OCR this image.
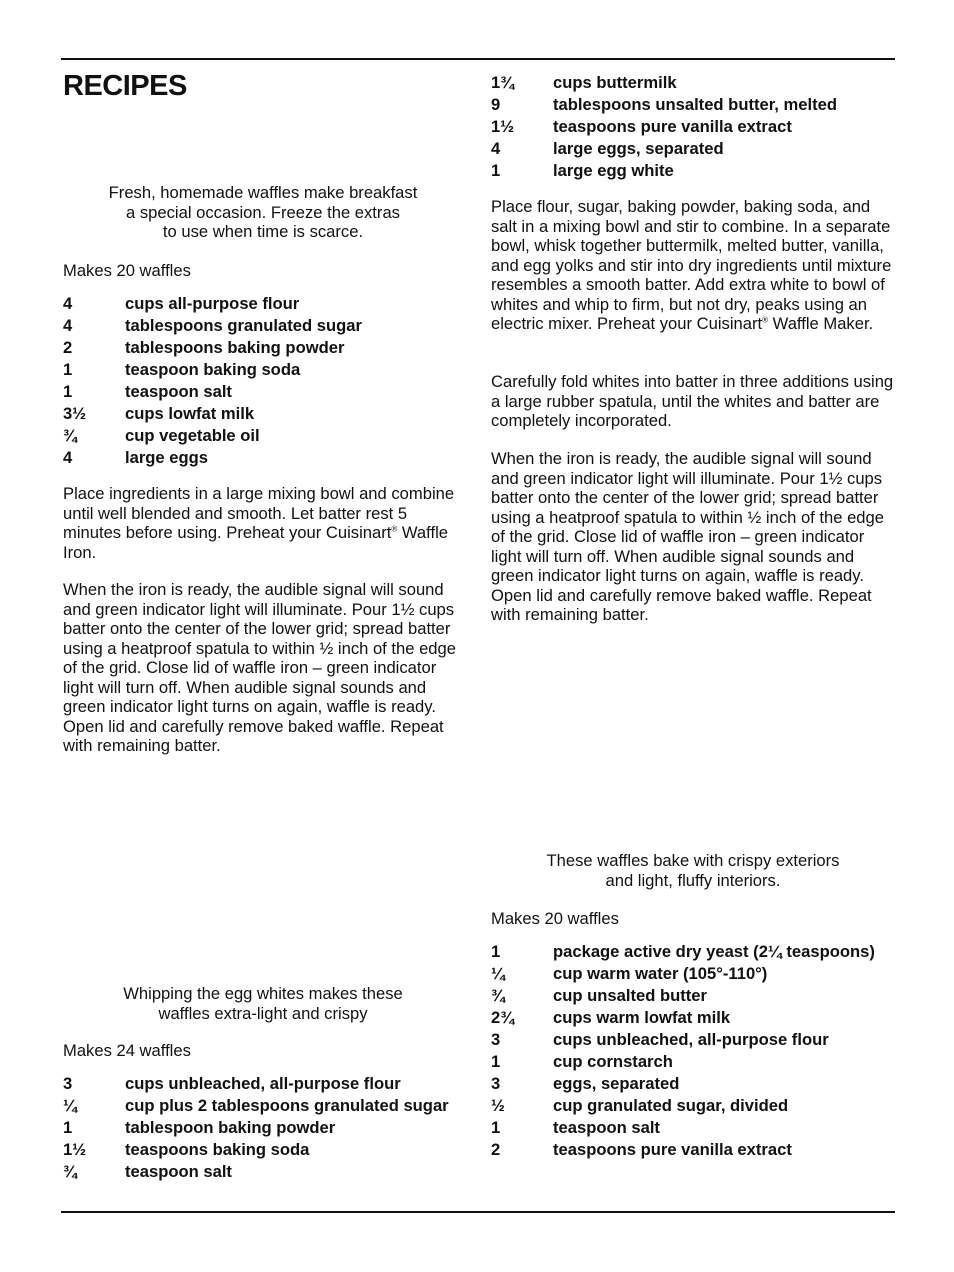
RECIPES
Fresh, homemade waffles make breakfast
a special occasion. Freeze the extras
to use when time is scarce.
Makes 20 waffles
4	cups all-purpose flour
4	tablespoons granulated sugar
2	tablespoons baking powder
1	teaspoon baking soda
1	teaspoon salt
3½	cups lowfat milk
¾	cup vegetable oil
4	large eggs

Place ingredients in a large mixing bowl and combine until well blended and smooth. Let batter rest 5 minutes before using. Preheat your Cuisinart® Waffle Iron.

When the iron is ready, the audible signal will sound and green indicator light will illuminate. Pour 1½ cups batter onto the center of the lower grid; spread batter using a heatproof spatula to within ½ inch of the edge of the grid. Close lid of waffle iron – green indicator light will turn off. When audible signal sounds and green indicator light turns on again, waffle is ready. Open lid and carefully remove baked waffle. Repeat with remaining batter.

Whipping the egg whites makes these
waffles extra-light and crispy
Makes 24 waffles
3	cups unbleached, all-purpose flour
¼	cup plus 2 tablespoons granulated sugar
1	tablespoon baking powder
1½	teaspoons baking soda
¾	teaspoon salt
1¾	cups buttermilk
9	tablespoons unsalted butter, melted
1½	teaspoons pure vanilla extract
4	large eggs, separated
1	large egg white

Place flour, sugar, baking powder, baking soda, and salt in a mixing bowl and stir to combine. In a separate bowl, whisk together buttermilk, melted butter, vanilla, and egg yolks and stir into dry ingredients until mixture resembles a smooth batter. Add extra white to bowl of whites and whip to firm, but not dry, peaks using an electric mixer. Preheat your Cuisinart® Waffle Maker.

Carefully fold whites into batter in three additions using a large rubber spatula, until the whites and batter are completely incorporated.

When the iron is ready, the audible signal will sound and green indicator light will illuminate. Pour 1½ cups batter onto the center of the lower grid; spread batter using a heatproof spatula to within ½ inch of the edge of the grid. Close lid of waffle iron – green indicator light will turn off. When audible signal sounds and green indicator light turns on again, waffle is ready. Open lid and carefully remove baked waffle. Repeat with remaining batter.

These waffles bake with crispy exteriors
and light, fluffy interiors.
Makes 20 waffles
1	package active dry yeast (2¼ teaspoons)
¼	cup warm water (105°-110°)
¾	cup unsalted butter
2¾	cups warm lowfat milk
3	cups unbleached, all-purpose flour
1	cup cornstarch
3	eggs, separated
½	cup granulated sugar, divided
1	teaspoon salt
2	teaspoons pure vanilla extract
